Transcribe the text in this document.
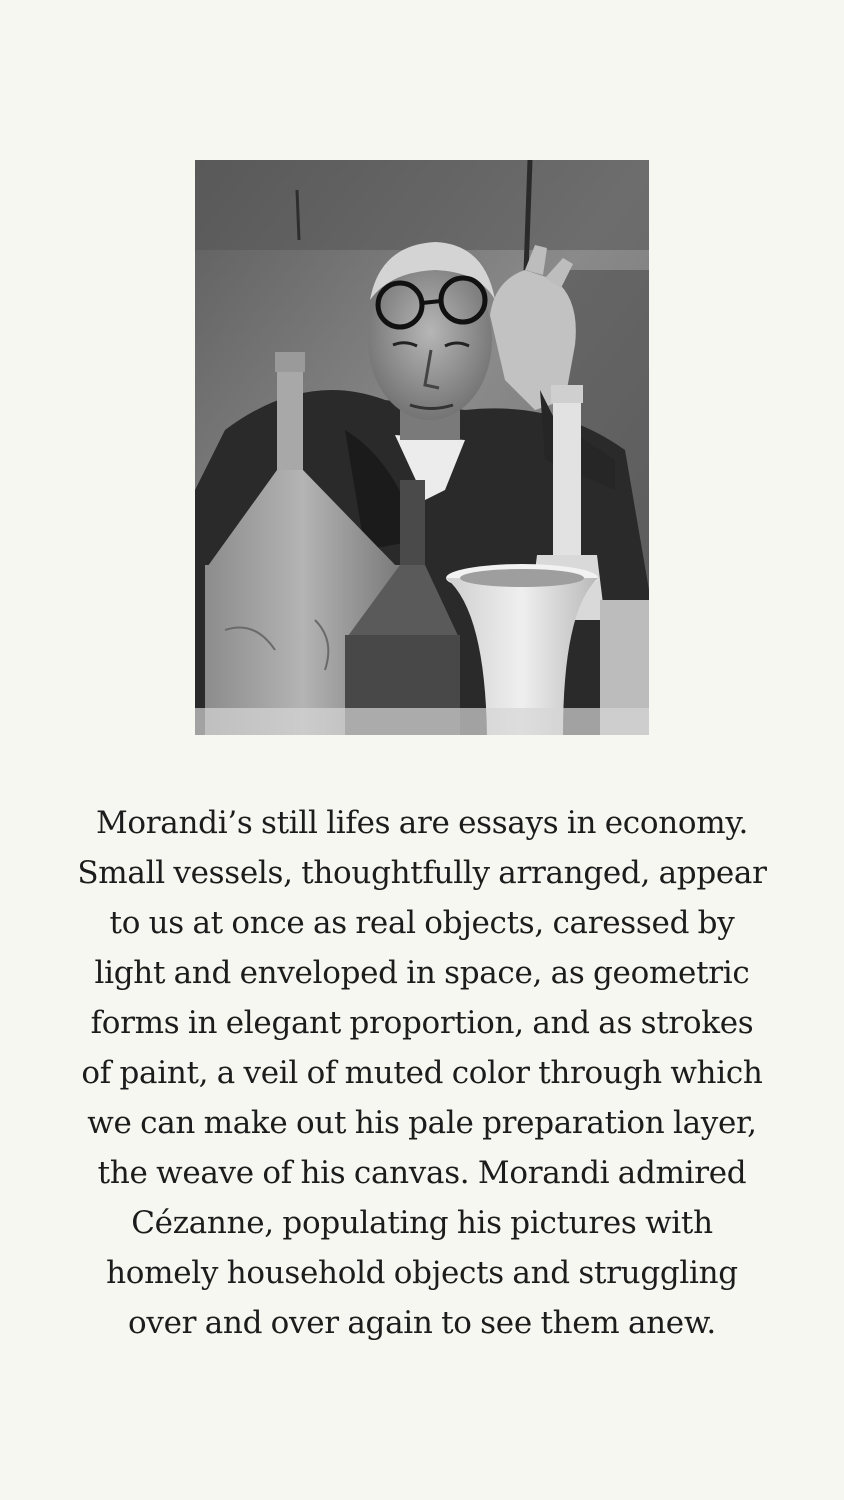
Morandi’s still lifes are essays in economy.
Small vessels, thoughtfully arranged, appear
to us at once as real objects, caressed by
light and enveloped in space, as geometric
forms in elegant proportion, and as strokes
of paint, a veil of muted color through which
we can make out his pale preparation layer,
the weave of his canvas. Morandi admired
Cézanne, populating his pictures with
homely household objects and struggling
over and over again to see them anew.
